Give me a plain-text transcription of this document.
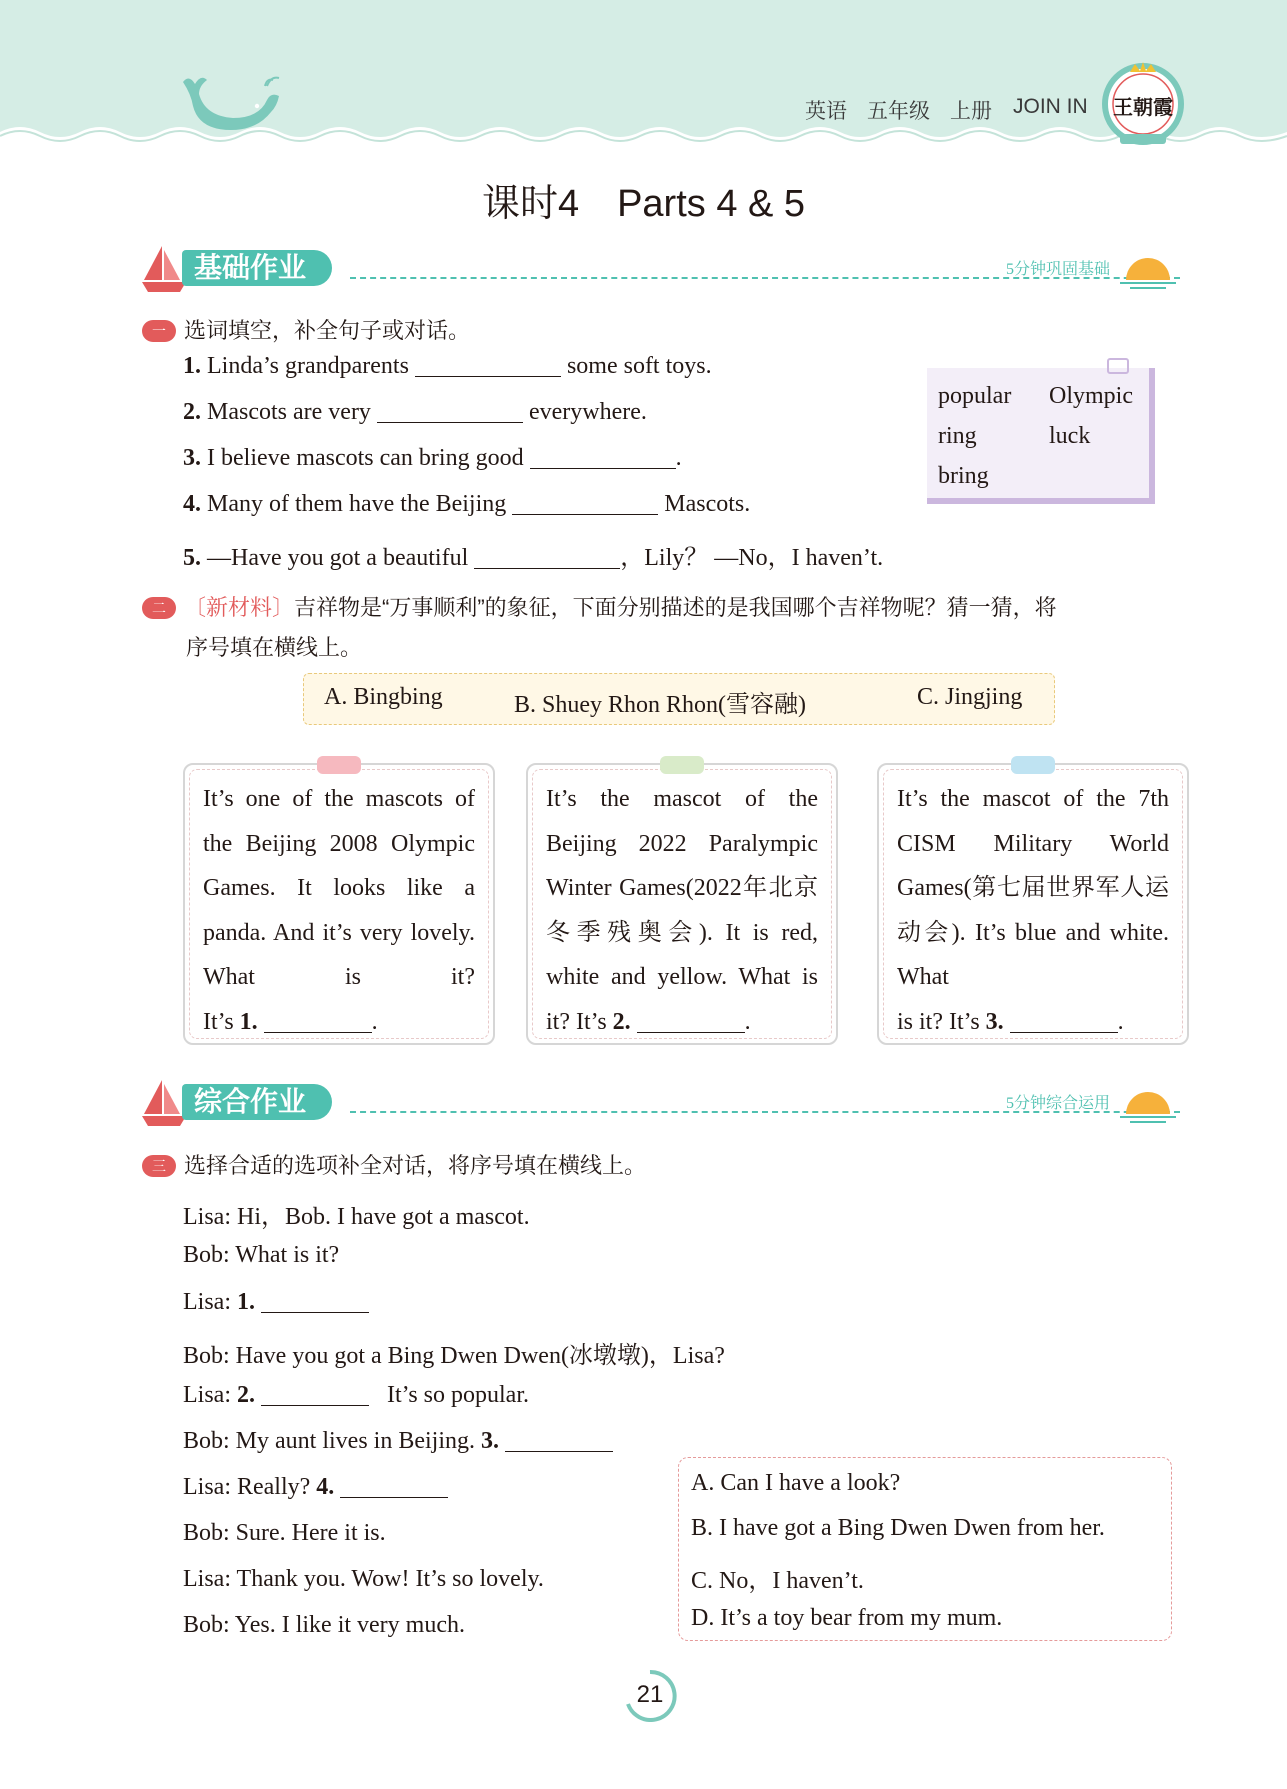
英语 五年级 上册 JOIN IN	王朝霞
课时4　Parts 4 & 5
基础作业	5分钟巩固基础
一 选词填空，补全句子或对话。
1. Linda’s grandparents	some soft toys.
2. Mascots are very	everywhere.
3. I believe mascots can bring good	.
4. Many of them have the Beijing	Mascots.
5. —Have you got a beautiful	，Lily？ —No，I haven’t.
popular Olympic
ring	luck
bring
二 〔新材料〕吉祥物是“万事顺利”的象征，下面分别描述的是我国哪个吉祥物呢？猜一猜，将
序号填在横线上。
A. Bingbing	B. Shuey Rhon Rhon(雪容融)	C. Jingjing
It’s one of the mascots of the Beijing 2008 Olympic Games. It looks like a panda. And it’s very lovely. What is it?
It’s 1.	.
It’s the mascot of the Beijing 2022 Paralympic Winter Games(2022年北京冬季残奥会). It is red, white and yellow. What is
it? It’s 2.	.
It’s the mascot of the 7th CISM Military World Games(第七届世界军人运动会). It’s blue and white. What
is it? It’s 3.	.
综合作业	5分钟综合运用
三 选择合适的选项补全对话，将序号填在横线上。
Lisa: Hi，Bob. I have got a mascot.
Bob: What is it?
Lisa: 1.
Bob: Have you got a Bing Dwen Dwen(冰墩墩)，Lisa?
Lisa: 2.	It’s so popular.
Bob: My aunt lives in Beijing. 3.
Lisa: Really? 4.
Bob: Sure. Here it is.
Lisa: Thank you. Wow! It’s so lovely.
Bob: Yes. I like it very much.
A. Can I have a look?
B. I have got a Bing Dwen Dwen from her.
C. No，I haven’t.
D. It’s a toy bear from my mum.
21
